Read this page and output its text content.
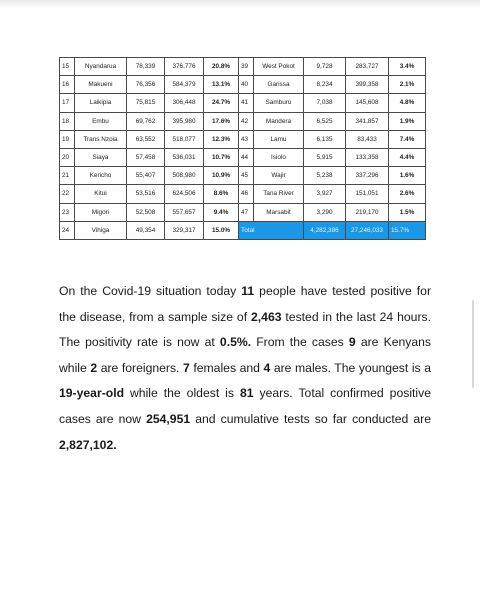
15	Nyandarua	78,339	376,776	20.8%	39	West Pokot	9,728	283,727	3.4%
16	Makueni	76,356	584,379	13.1%	40	Garissa	8,234	399,358	2.1%
17	Laikipia	75,815	306,448	24.7%	41	Samburu	7,038	145,608	4.8%
18	Embu	69,762	395,980	17.6%	42	Mandera	6,525	341,857	1.9%
19	Trans Nzoia	63,552	518,077	12.3%	43	Lamu	6,135	83,433	7.4%
20	Siaya	57,458	536,031	10.7%	44	Isiolo	5,915	133,358	4.4%
21	Kericho	55,407	508,980	10.9%	45	Wajir	5,238	337,296	1.6%
22	Kitui	53,516	624,506	8.6%	46	Tana River	3,927	151,051	2.6%
23	Migori	52,508	557,657	9.4%	47	Marsabit	3,290	219,170	1.5%
24	Vihiga	49,354	329,317	15.0%	Total		4,282,386	27,246,033	15.7%

On the Covid-19 situation today 11 people have tested positive for the disease, from a sample size of 2,463 tested in the last 24 hours. The positivity rate is now at 0.5%. From the cases 9 are Kenyans while 2 are foreigners. 7 females and 4 are males. The youngest is a 19-year-old while the oldest is 81 years. Total confirmed positive cases are now 254,951 and cumulative tests so far conducted are 2,827,102.
